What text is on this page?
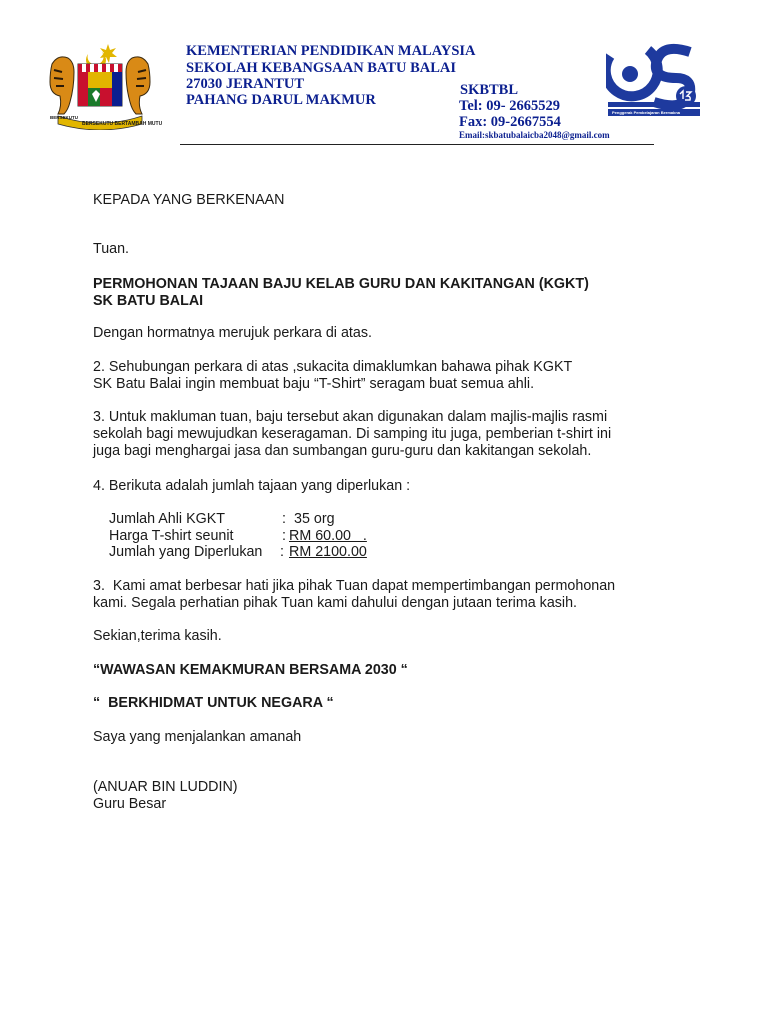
BERSEKUTU BERTAMBAH MUTU
BERSEKUTU
KEMENTERIAN PENDIDIKAN MALAYSIA
SEKOLAH KEBANGSAAN BATU BALAI
27030 JERANTUT
PAHANG DARUL MAKMUR
SKBTBL
Tel: 09- 2665529
Fax: 09-2667554
Email:skbatubalaicba2048@gmail.com
Penggerak Pembelajaran Bermakna
KEPADA YANG BERKENAAN
Tuan.
PERMOHONAN TAJAAN BAJU KELAB GURU DAN KAKITANGAN (KGKT)
SK BATU BALAI
Dengan hormatnya merujuk perkara di atas.
2. Sehubungan perkara di atas ,sukacita dimaklumkan bahawa pihak KGKT
SK Batu Balai ingin membuat baju “T-Shirt” seragam buat semua ahli.
3. Untuk makluman tuan, baju tersebut akan digunakan dalam majlis-majlis rasmi
sekolah bagi mewujudkan keseragaman. Di samping itu juga, pemberian t-shirt ini
juga bagi menghargai jasa dan sumbangan guru-guru dan kakitangan sekolah.
4. Berikuta adalah jumlah tajaan yang diperlukan :
Jumlah Ahli KGKT	: 35 org
Harga T-shirt seunit	: RM 60.00   .
Jumlah yang Diperlukan : RM 2100.00
3.  Kami amat berbesar hati jika pihak Tuan dapat mempertimbangan permohonan
kami. Segala perhatian pihak Tuan kami dahului dengan jutaan terima kasih.
Sekian,terima kasih.
“WAWASAN KEMAKMURAN BERSAMA 2030 “
“  BERKHIDMAT UNTUK NEGARA “
Saya yang menjalankan amanah
(ANUAR BIN LUDDIN)
Guru Besar
